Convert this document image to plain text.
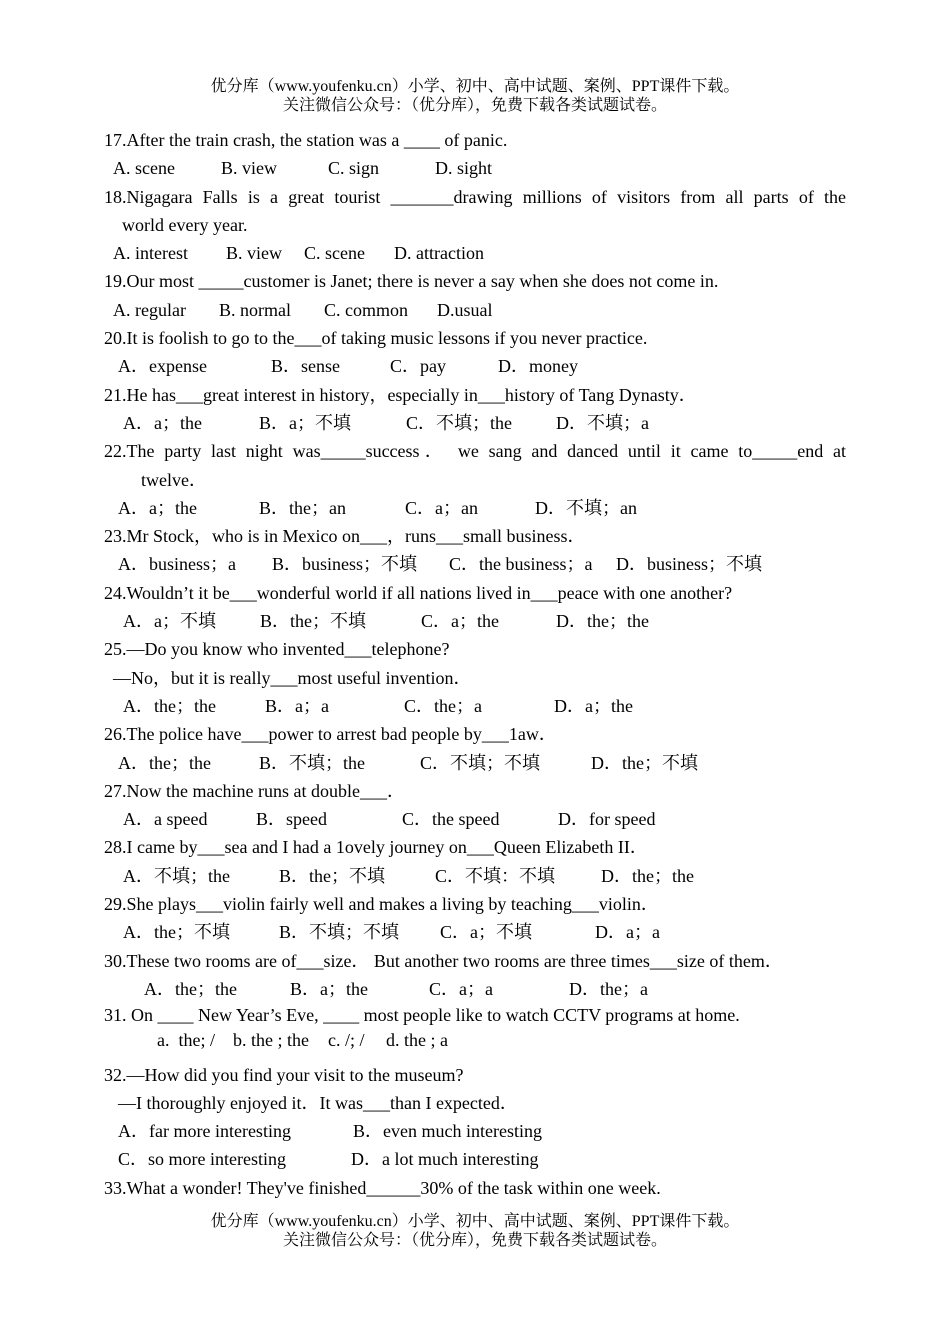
优分库（www.youfenku.cn）小学、初中、高中试题、案例、PPT课件下载。
关注微信公众号：（优分库），免费下载各类试题试卷。
17.After the train crash, the station was a ____ of panic.
A. scene	B. view	C. sign	D. sight
18.Nigagara Falls is a great tourist _______drawing millions of visitors from all parts of the
world every year.
A. interest	B. view	C. scene	D. attraction
19.Our most _____customer is Janet; there is never a say when she does not come in.
A. regular	B. normal	C. common	D.usual
20.It is foolish to go to the___of taking music lessons if you never practice.
A．expense	B．sense	C．pay	D．money
21.He has___great interest in history，especially in___history of Tang Dynasty．
A．a；the	B．a；不填	C．不填；the	D．不填；a
22.The party last night was_____success． we sang and danced until it came to_____end at
twelve．
A．a；the	B．the；an	C．a；an	D．不填；an
23.Mr Stock，who is in Mexico on___，runs___small business．
A．business；a	B．business；不填	C．the business；a	D．business；不填
24.Wouldn’t it be___wonderful world if all nations lived in___peace with one another?
A．a；不填	B．the；不填	C．a；the	D．the；the
25.—Do you know who invented___telephone?
—No，but it is really___most useful invention．
A．the；the	B．a；a	C．the；a	D．a；the
26.The police have___power to arrest bad people by___1aw．
A．the；the	B．不填；the	C．不填；不填	D．the；不填
27.Now the machine runs at double___．
A．a speed	B．speed	C．the speed	D．for speed
28.I came by___sea and I had a 1ovely journey on___Queen Elizabeth II．
A．不填；the	B．the；不填	C．不填：不填	D．the；the
29.She plays___violin fairly well and makes a living by teaching___violin．
A．the；不填	B．不填；不填	C．a；不填	D．a；a
30.These two rooms are of___size． But another two rooms are three times___size of them．
A．the；the	B．a；the	C．a；a	D．the；a
31. On ____ New Year’s Eve, ____ most people like to watch CCTV programs at home.
a.  the; /	b. the ; the	c. /; /	d. the ; a
32.—How did you find your visit to the museum?
—I thoroughly enjoyed it．It was___than I expected．
A．far more interesting	B．even much interesting
C．so more interesting	D．a lot much interesting
33.What a wonder! They've finished______30% of the task within one week.
优分库（www.youfenku.cn）小学、初中、高中试题、案例、PPT课件下载。
关注微信公众号：（优分库），免费下载各类试题试卷。
